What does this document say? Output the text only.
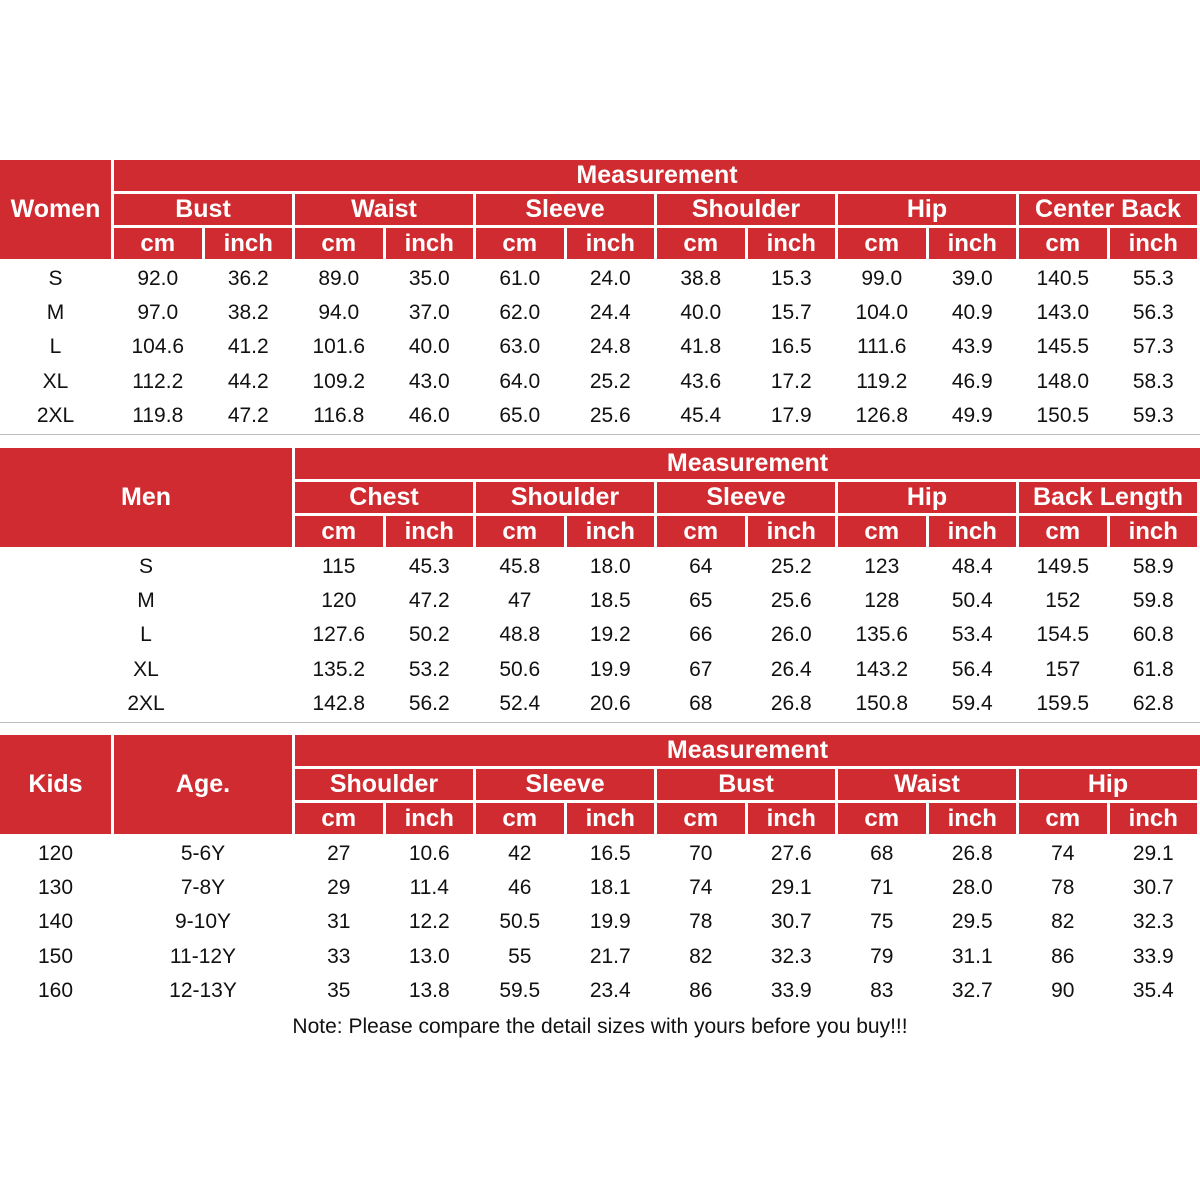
Women
Measurement
Bust
cm	inch
Waist
cm	inch
Sleeve
cm	inch
Shoulder
cm	inch
Hip
cm	inch
Center Back
cm	inch
S	92.0	36.2	89.0	35.0	61.0	24.0	38.8	15.3	99.0	39.0	140.5	55.3
M	97.0	38.2	94.0	37.0	62.0	24.4	40.0	15.7	104.0	40.9	143.0	56.3
L	104.6	41.2	101.6	40.0	63.0	24.8	41.8	16.5	111.6	43.9	145.5	57.3
XL	112.2	44.2	109.2	43.0	64.0	25.2	43.6	17.2	119.2	46.9	148.0	58.3
2XL	119.8	47.2	116.8	46.0	65.0	25.6	45.4	17.9	126.8	49.9	150.5	59.3
Men
Measurement
Chest
cm	inch
Shoulder
cm	inch
Sleeve
cm	inch
Hip
cm	inch
Back Length
cm	inch
S	115	45.3	45.8	18.0	64	25.2	123	48.4	149.5	58.9
M	120	47.2	47	18.5	65	25.6	128	50.4	152	59.8
L	127.6	50.2	48.8	19.2	66	26.0	135.6	53.4	154.5	60.8
XL	135.2	53.2	50.6	19.9	67	26.4	143.2	56.4	157	61.8
2XL	142.8	56.2	52.4	20.6	68	26.8	150.8	59.4	159.5	62.8
Kids	Age.
Measurement
Shoulder
cm	inch
Sleeve
cm	inch
Bust
cm	inch
Waist
cm	inch
Hip
cm	inch
120	5-6Y	27	10.6	42	16.5	70	27.6	68	26.8	74	29.1
130	7-8Y	29	11.4	46	18.1	74	29.1	71	28.0	78	30.7
140	9-10Y	31	12.2	50.5	19.9	78	30.7	75	29.5	82	32.3
150	11-12Y	33	13.0	55	21.7	82	32.3	79	31.1	86	33.9
160	12-13Y	35	13.8	59.5	23.4	86	33.9	83	32.7	90	35.4
Note: Please compare the detail sizes with yours before you buy!!!
